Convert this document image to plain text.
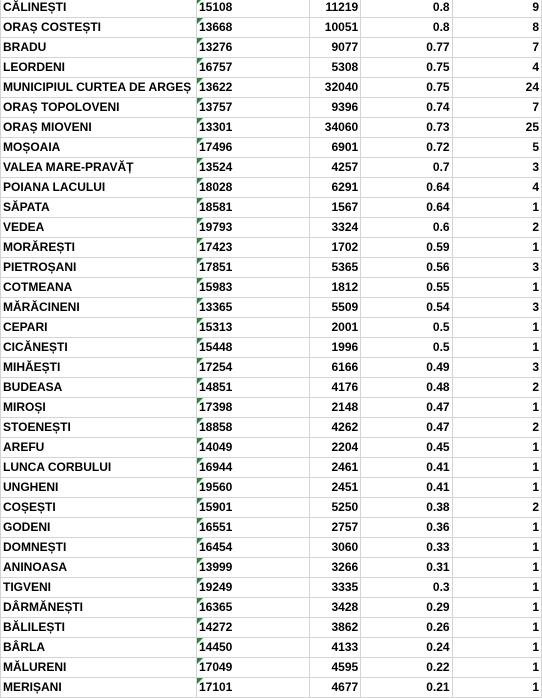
CĂLINEȘTI	15108	11219	0.8	9
ORAȘ COSTEȘTI	13668	10051	0.8	8
BRADU	13276	9077	0.77	7
LEORDENI	16757	5308	0.75	4
MUNICIPIUL CURTEA DE ARGEȘ	13622	32040	0.75	24
ORAȘ TOPOLOVENI	13757	9396	0.74	7
ORAȘ MIOVENI	13301	34060	0.73	25
MOȘOAIA	17496	6901	0.72	5
VALEA MARE-PRAVĂȚ	13524	4257	0.7	3
POIANA LACULUI	18028	6291	0.64	4
SĂPATA	18581	1567	0.64	1
VEDEA	19793	3324	0.6	2
MORĂREȘTI	17423	1702	0.59	1
PIETROȘANI	17851	5365	0.56	3
COTMEANA	15983	1812	0.55	1
MĂRĂCINENI	13365	5509	0.54	3
CEPARI	15313	2001	0.5	1
CICĂNEȘTI	15448	1996	0.5	1
MIHĂEȘTI	17254	6166	0.49	3
BUDEASA	14851	4176	0.48	2
MIROȘI	17398	2148	0.47	1
STOENEȘTI	18858	4262	0.47	2
AREFU	14049	2204	0.45	1
LUNCA CORBULUI	16944	2461	0.41	1
UNGHENI	19560	2451	0.41	1
COȘEȘTI	15901	5250	0.38	2
GODENI	16551	2757	0.36	1
DOMNEȘTI	16454	3060	0.33	1
ANINOASA	13999	3266	0.31	1
TIGVENI	19249	3335	0.3	1
DÂRMĂNEȘTI	16365	3428	0.29	1
BĂLILEȘTI	14272	3862	0.26	1
BÂRLA	14450	4133	0.24	1
MĂLURENI	17049	4595	0.22	1
MERIȘANI	17101	4677	0.21	1
